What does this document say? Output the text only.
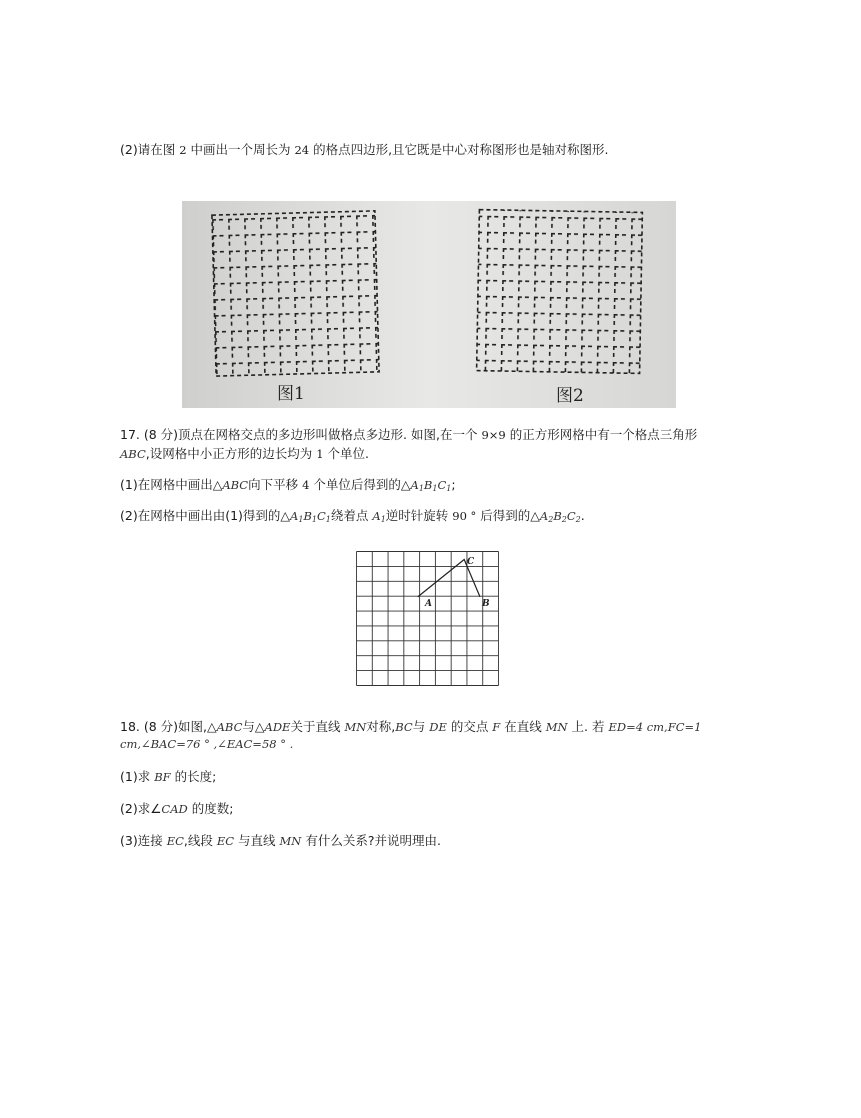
(2)请在图 2 中画出一个周长为 24 的格点四边形,且它既是中心对称图形也是轴对称图形.
图1	图2
17. (8 分)顶点在网格交点的多边形叫做格点多边形. 如图,在一个 9×9 的正方形网格中有一个格点三角形
ABC,设网格中小正方形的边长均为 1 个单位.
(1)在网格中画出△ABC向下平移 4 个单位后得到的$\triangle A_1B_1C_1$;
(2)在网格中画出由(1)得到的$\triangle A_1B_1C_1$绕着点 $A_1$逆时针旋转 90 ° 后得到的$\triangle A_2B_2C_2$.
A	B
C
18. (8 分)如图,△ABC与△ADE关于直线 MN对称,BC与 DE 的交点 F 在直线 MN 上. 若 ED=4 cm,FC=1
cm,∠BAC=76 ° ,∠EAC=58 ° .
(1)求 BF 的长度;
(2)求∠CAD 的度数;
(3)连接 EC,线段 EC 与直线 MN 有什么关系?并说明理由.
